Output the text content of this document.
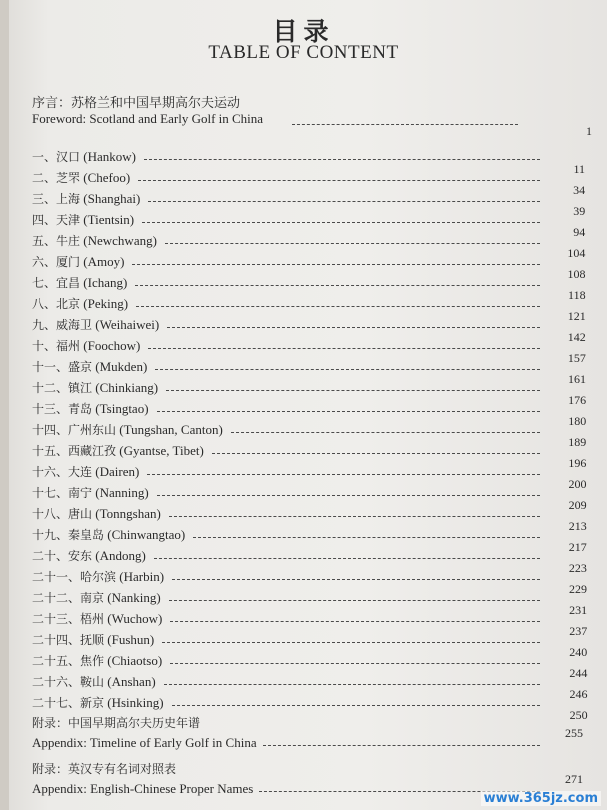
目录
TABLE OF CONTENT
序言：苏格兰和中国早期高尔夫运动
Foreword: Scotland and Early Golf in China
1
一、汉口 (Hankow)
11
二、芝罘 (Chefoo)
34
三、上海 (Shanghai)
39
四、天津 (Tientsin)
94
五、牛庄 (Newchwang)
104
六、厦门 (Amoy)
108
七、宜昌 (Ichang)
118
八、北京 (Peking)
121
九、威海卫 (Weihaiwei)
142
十、福州 (Foochow)
157
十一、盛京 (Mukden)
161
十二、镇江 (Chinkiang)
176
十三、青岛 (Tsingtao)
180
十四、广州东山 (Tungshan, Canton)
189
十五、西藏江孜 (Gyantse, Tibet)
196
十六、大连 (Dairen)
200
十七、南宁 (Nanning)
209
十八、唐山 (Tonngshan)
213
十九、秦皇岛 (Chinwangtao)
217
二十、安东 (Andong)
223
二十一、哈尔滨 (Harbin)
229
二十二、南京 (Nanking)
231
二十三、梧州 (Wuchow)
237
二十四、抚顺 (Fushun)
240
二十五、焦作 (Chiaotso)
244
二十六、鞍山 (Anshan)
246
二十七、新京 (Hsinking)
250
附录：中国早期高尔夫历史年谱
Appendix: Timeline of Early Golf in China
255
附录：英汉专有名词对照表
Appendix: English-Chinese Proper Names
271
www.365jz.com
